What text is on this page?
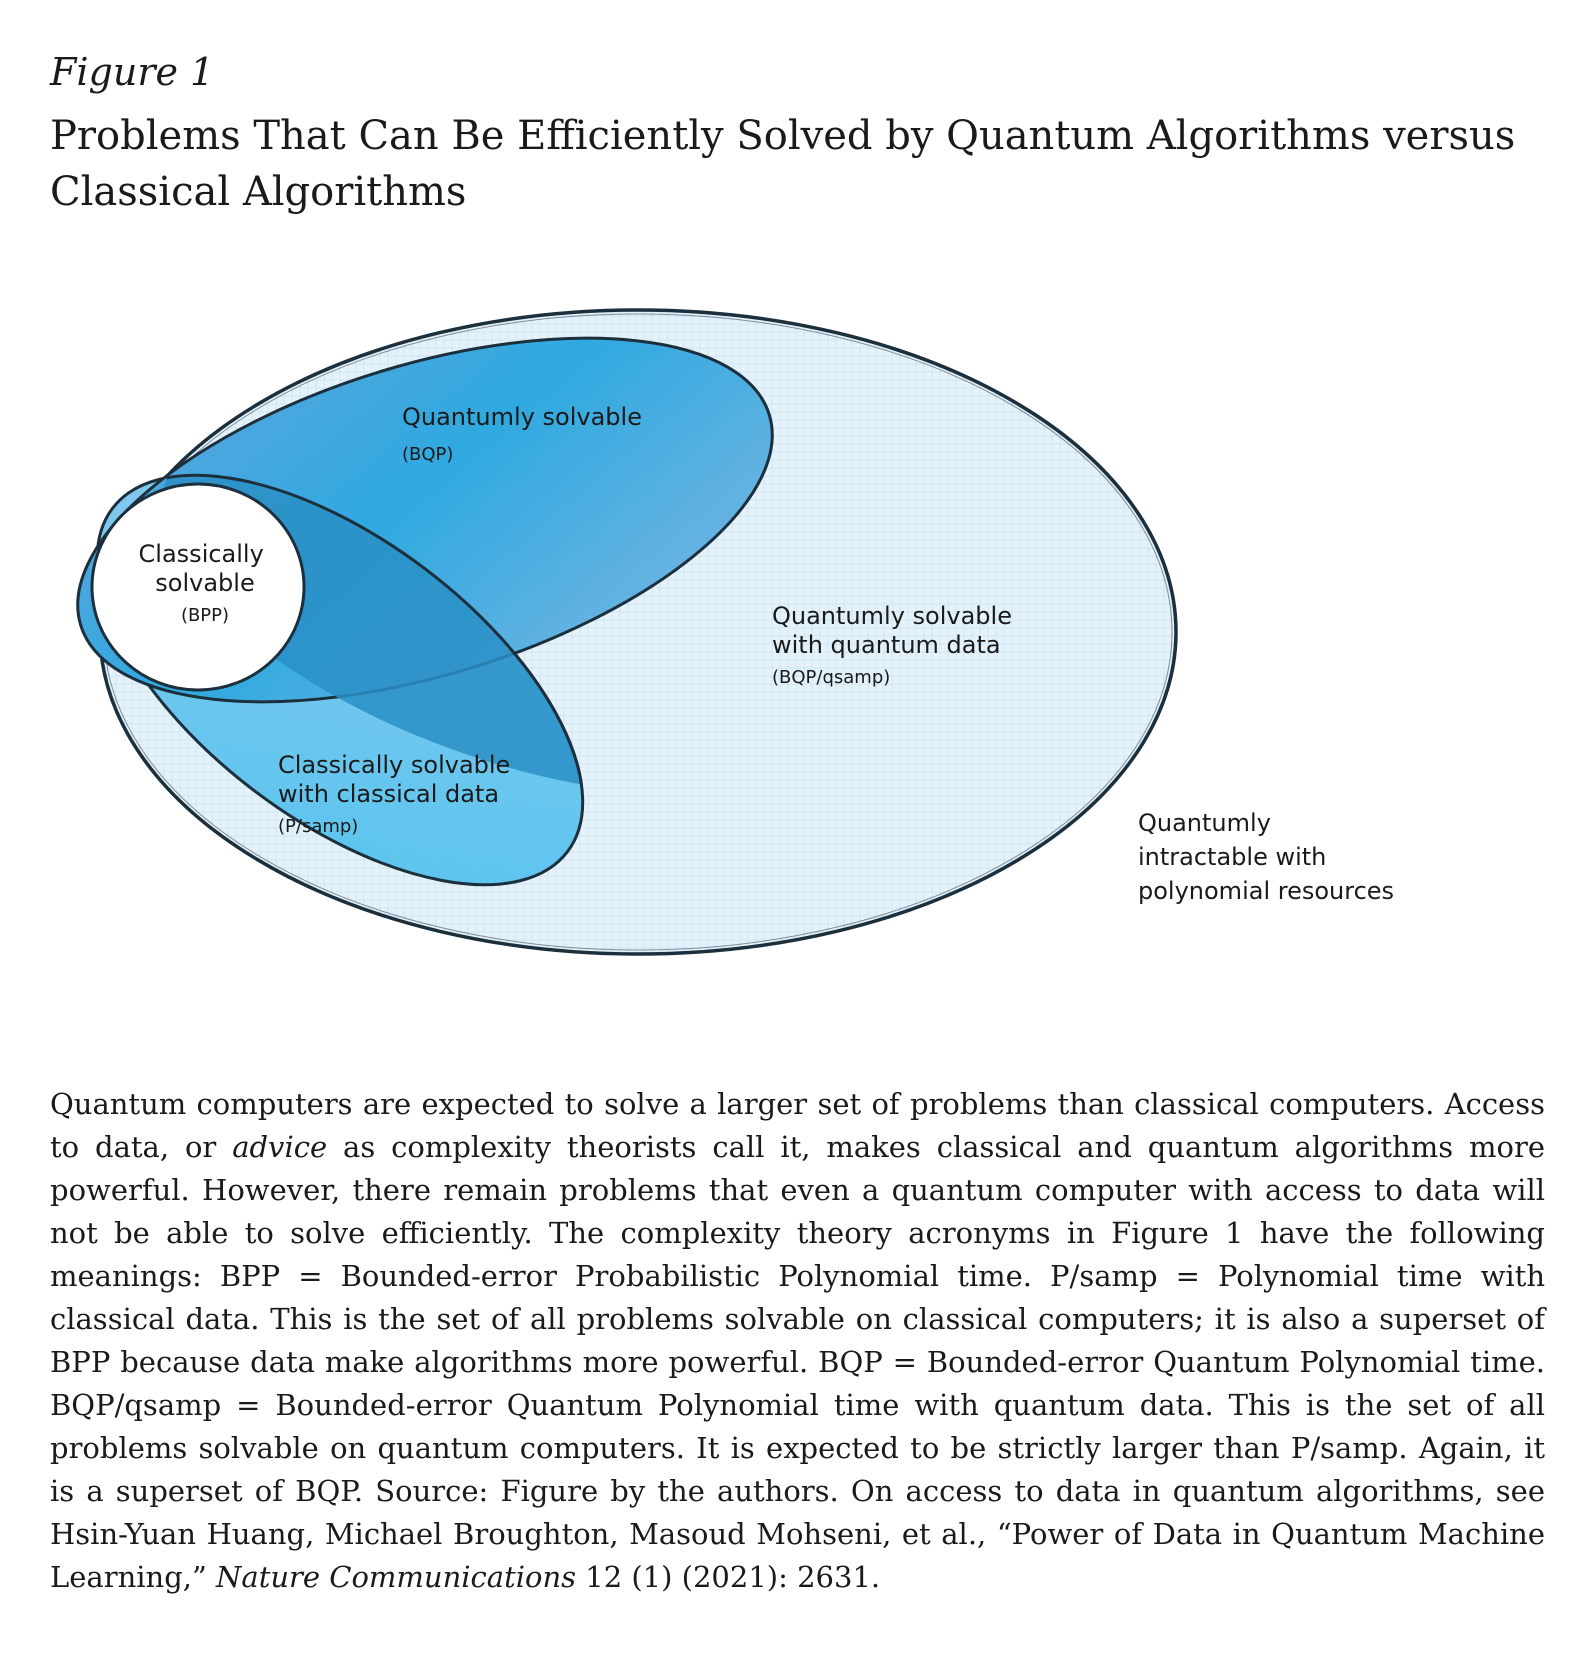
Figure 1

Problems That Can Be Efficiently Solved by Quantum Algorithms versus Classical Algorithms
Quantumly solvable
(BQP)
Classically solvable
(BPP)	Quantumly solvable with quantum data
(BQP/qsamp)
Classically solvable with classical data
(P/samp)	Quantumly intractable with polynomial resources

Quantum computers are expected to solve a larger set of problems than classical computers. Access to data, or advice as complexity theorists call it, makes classical and quantum algorithms more powerful. However, there remain problems that even a quantum computer with access to data will not be able to solve efficiently. The complexity theory acronyms in Figure 1 have the following meanings: BPP = Bounded-error Probabilistic Polynomial time. P/samp = Polynomial time with classical data. This is the set of all problems solvable on classical computers; it is also a superset of BPP because data make algorithms more powerful. BQP = Bounded-error Quantum Polynomial time. BQP/qsamp = Bounded-error Quantum Polynomial time with quantum data. This is the set of all problems solvable on quantum computers. It is expected to be strictly larger than P/samp. Again, it is a superset of BQP. Source: Figure by the authors. On access to data in quantum algorithms, see Hsin-Yuan Huang, Michael Broughton, Masoud Mohseni, et al., “Power of Data in Quantum Machine Learning,” Nature Communications 12 (1) (2021): 2631.
